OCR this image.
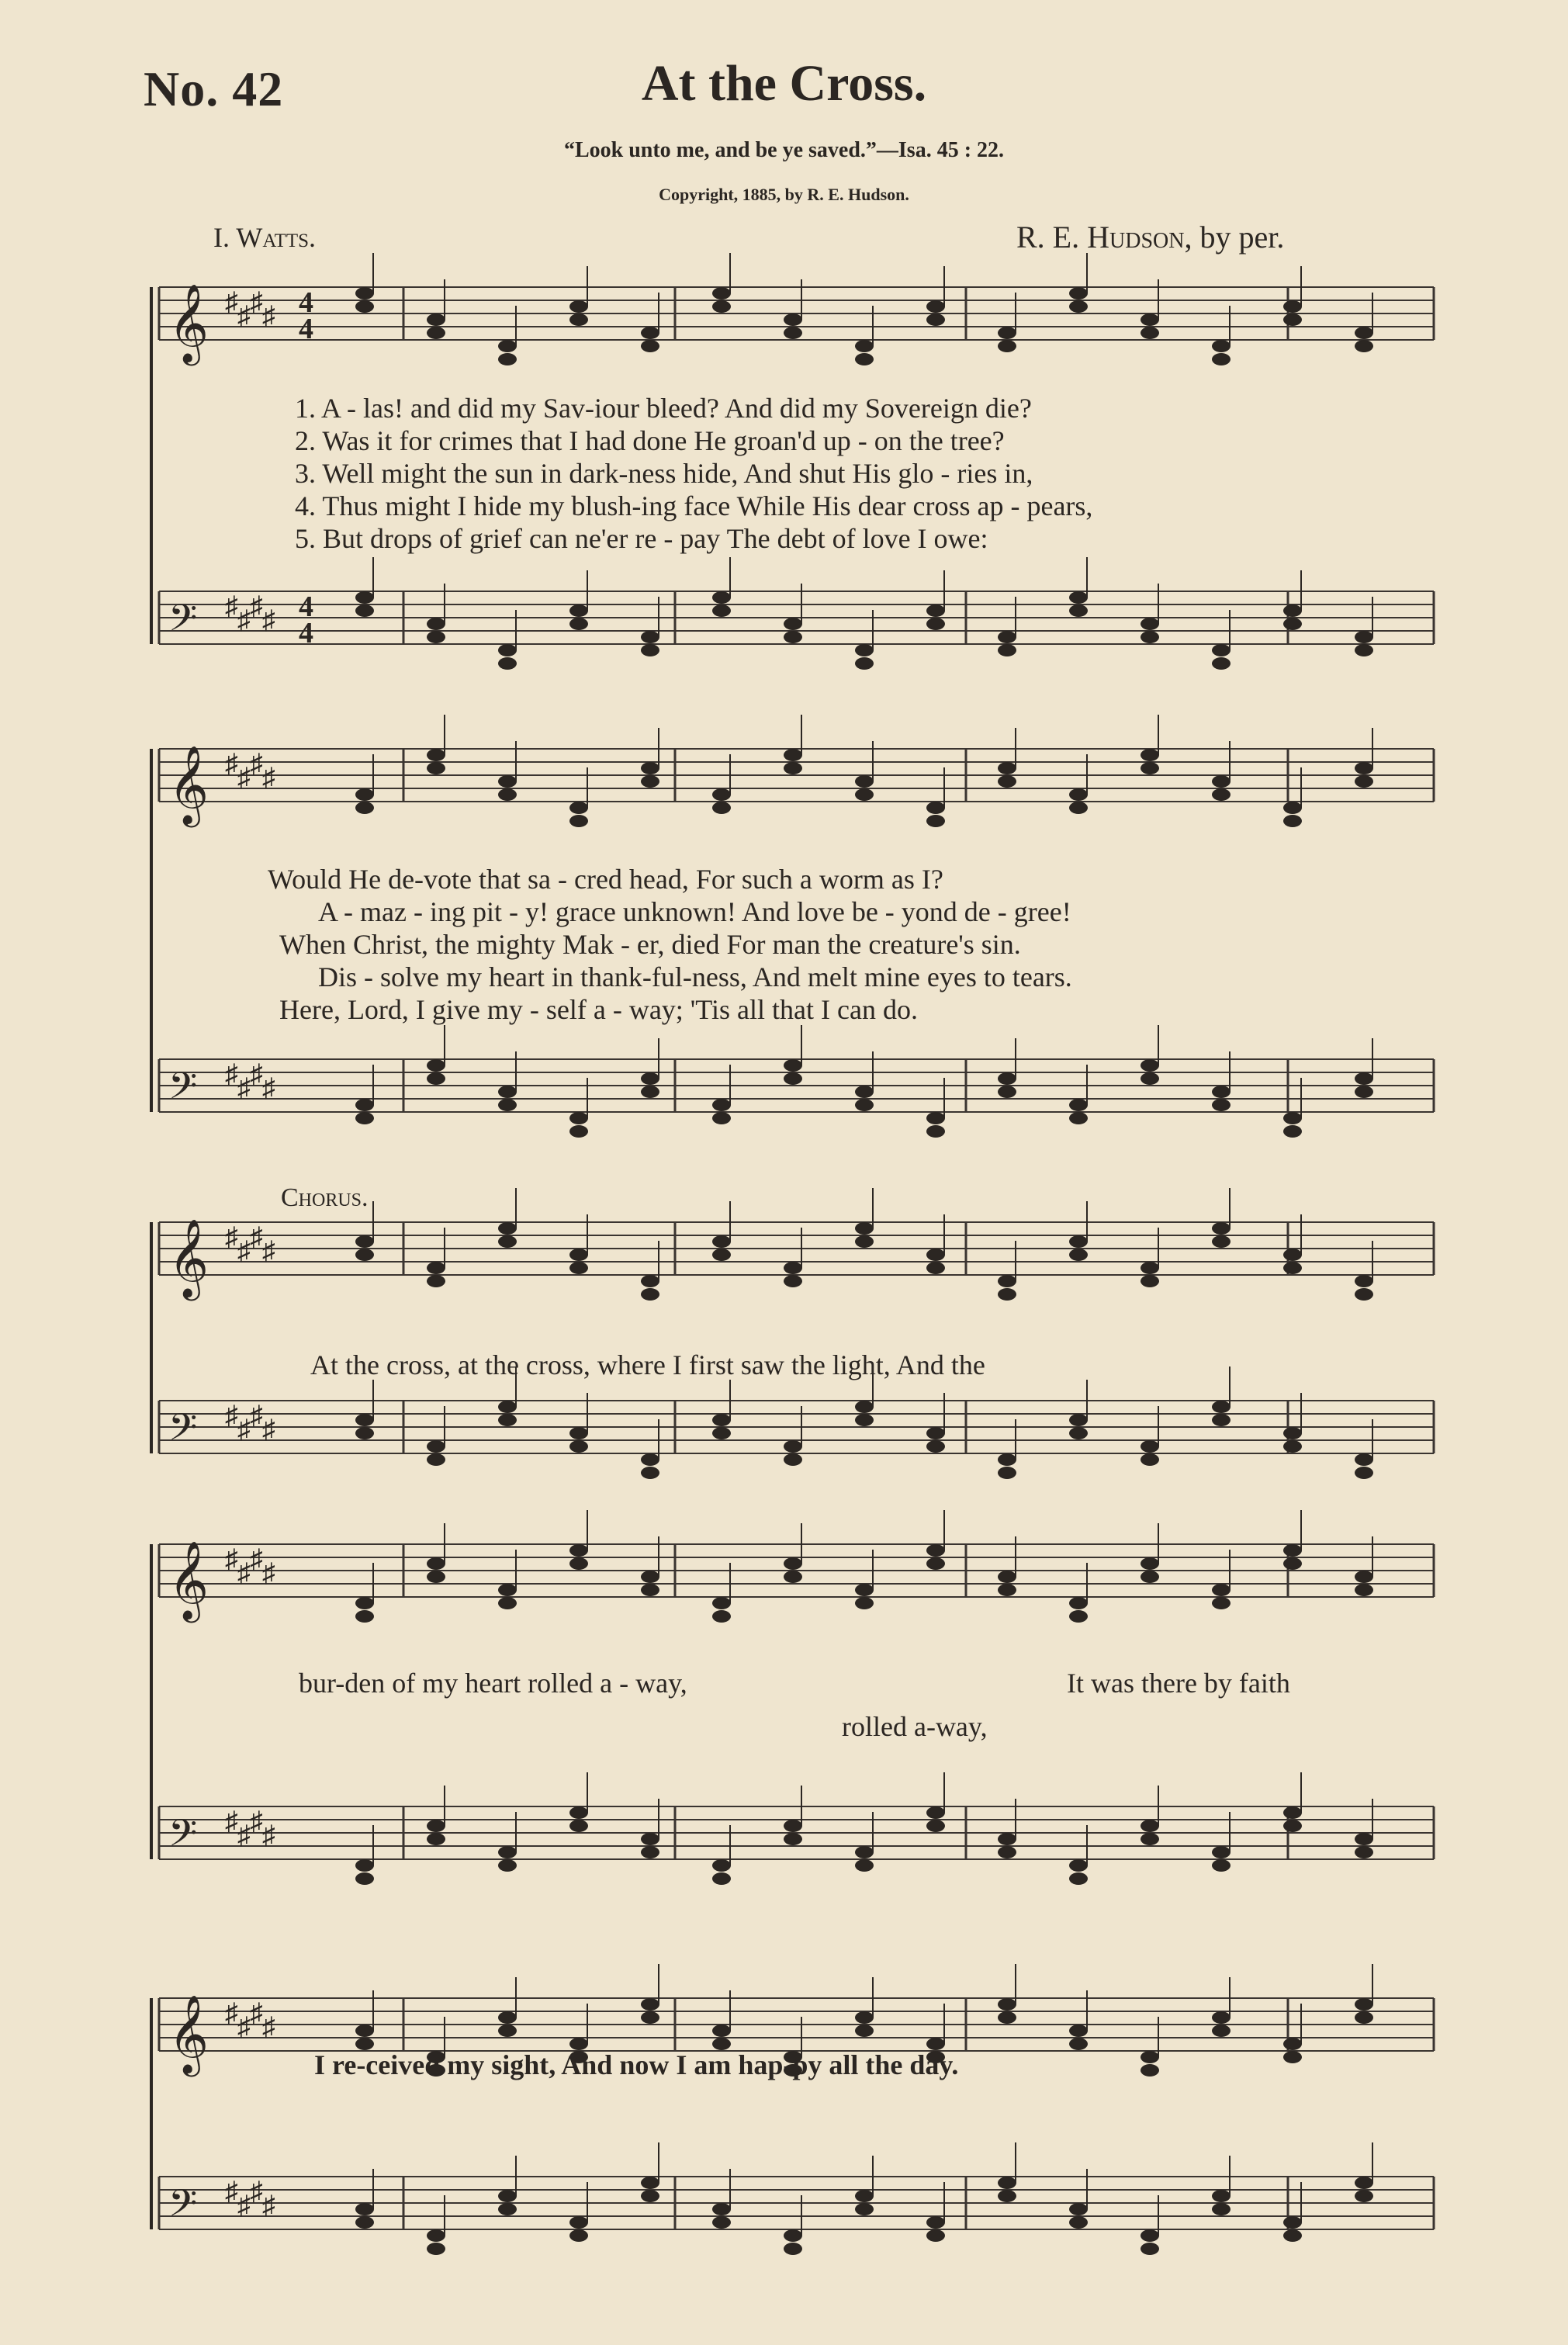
No. 42	At the Cross.
“Look unto me, and be ye saved.”—Isa. 45 : 22.
Copyright, 1885, by R. E. Hudson.
I. Watts.	R. E. Hudson, by per.
𝄞 ♯ ♯ ♯ ♯
𝄢 ♯ ♯ ♯ ♯
𝄞 ♯ ♯ ♯ ♯
𝄢 ♯ ♯ ♯ ♯
𝄞 ♯ ♯ ♯ ♯
𝄢 ♯ ♯ ♯ ♯
𝄞 ♯ ♯ ♯ ♯
𝄢 ♯ ♯ ♯ ♯
𝄞 ♯ ♯ ♯ ♯
𝄢 ♯ ♯ ♯ ♯
4
4
4
4
1. A - las! and did my Sav-iour bleed? And did my Sovereign die?
2. Was it for crimes that I had done He groan'd up - on the tree?
3. Well might the sun in dark-ness hide, And shut His glo - ries in,
4. Thus might I hide my blush-ing face While His dear cross ap - pears,
5. But drops of grief can ne'er re - pay The debt of love I owe:
Would He de-vote that sa - cred head, For such a worm as I?
A - maz - ing pit - y! grace unknown! And love be - yond de - gree!
When Christ, the mighty Mak - er, died For man the creature's sin.
Dis - solve my heart in thank-ful-ness, And melt mine eyes to tears.
Here, Lord, I give my - self a - way; 'Tis all that I can do.
Chorus.
At the cross, at the cross, where I first saw the light, And the
bur-den of my heart rolled a - way,	It was there by faith
rolled a-way,
I re-ceived my sight, And now I am hap-py all the day.
